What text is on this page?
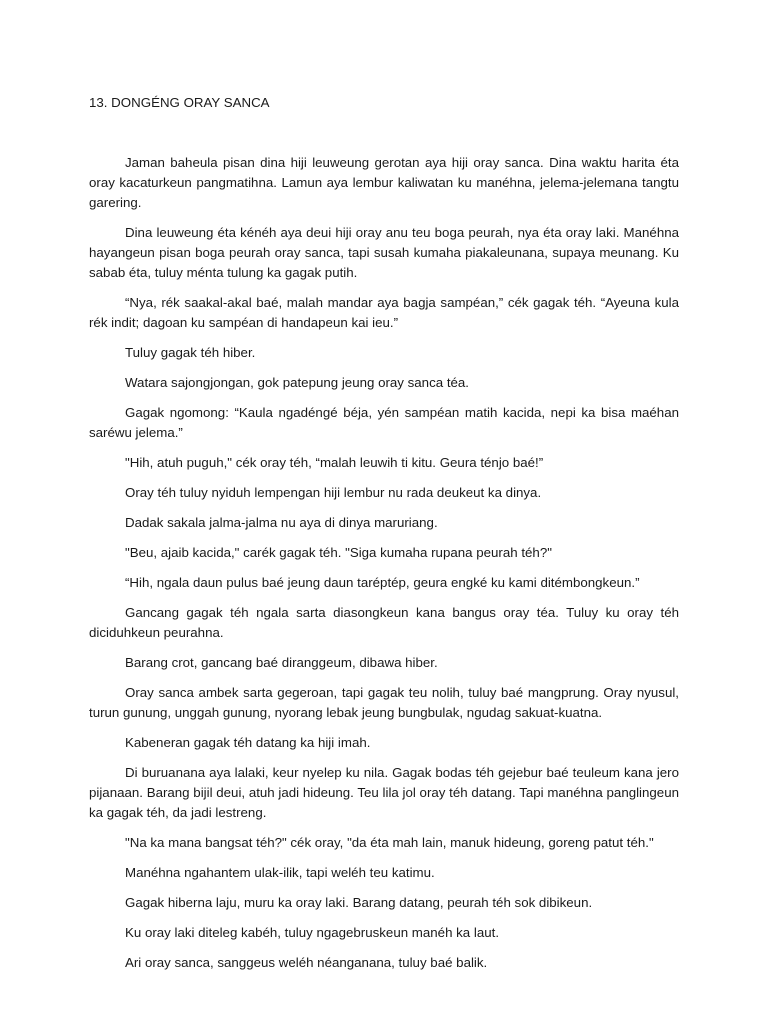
13. DONGÉNG ORAY SANCA

Jaman baheula pisan dina hiji leuweung gerotan aya hiji oray sanca. Dina waktu harita éta oray kacaturkeun pangmatihna. Lamun aya lembur kaliwatan ku manéhna, jelema-jelemana tangtu garering.

Dina leuweung éta kénéh aya deui hiji oray anu teu boga peurah, nya éta oray laki. Manéhna hayangeun pisan boga peurah oray sanca, tapi susah kumaha piakaleunana, supaya meunang. Ku sabab éta, tuluy ménta tulung ka gagak putih.

“Nya, rék saakal-akal baé, malah mandar aya bagja sampéan,” cék gagak téh. “Ayeuna kula rék indit; dagoan ku sampéan di handapeun kai ieu.”

Tuluy gagak téh hiber.

Watara sajongjongan, gok patepung jeung oray sanca téa.

Gagak ngomong: “Kaula ngadéngé béja, yén sampéan matih kacida, nepi ka bisa maéhan saréwu jelema.”

"Hih, atuh puguh," cék oray téh, “malah leuwih ti kitu. Geura ténjo baé!”

Oray téh tuluy nyiduh lempengan hiji lembur nu rada deukeut ka dinya.

Dadak sakala jalma-jalma nu aya di dinya maruriang.

"Beu, ajaib kacida," carék gagak téh. "Siga kumaha rupana peurah téh?"

“Hih, ngala daun pulus baé jeung daun taréptép, geura engké ku kami ditémbongkeun.”

Gancang gagak téh ngala sarta diasongkeun kana bangus oray téa. Tuluy ku oray téh diciduhkeun peurahna.

Barang crot, gancang baé diranggeum, dibawa hiber.

Oray sanca ambek sarta gegeroan, tapi gagak teu nolih, tuluy baé mangprung. Oray nyusul, turun gunung, unggah gunung, nyorang lebak jeung bungbulak, ngudag sakuat-kuatna.

Kabeneran gagak téh datang ka hiji imah.

Di buruanana aya lalaki, keur nyelep ku nila. Gagak bodas téh gejebur baé teuleum kana jero pijanaan. Barang bijil deui, atuh jadi hideung. Teu lila jol oray téh datang. Tapi manéhna panglingeun ka gagak téh, da jadi lestreng.

"Na ka mana bangsat téh?" cék oray, "da éta mah lain, manuk hideung, goreng patut téh."

Manéhna ngahantem ulak-ilik, tapi weléh teu katimu.

Gagak hiberna laju, muru ka oray laki. Barang datang, peurah téh sok dibikeun.

Ku oray laki diteleg kabéh, tuluy ngagebruskeun manéh ka laut.

Ari oray sanca, sanggeus weléh néanganana, tuluy baé balik.
